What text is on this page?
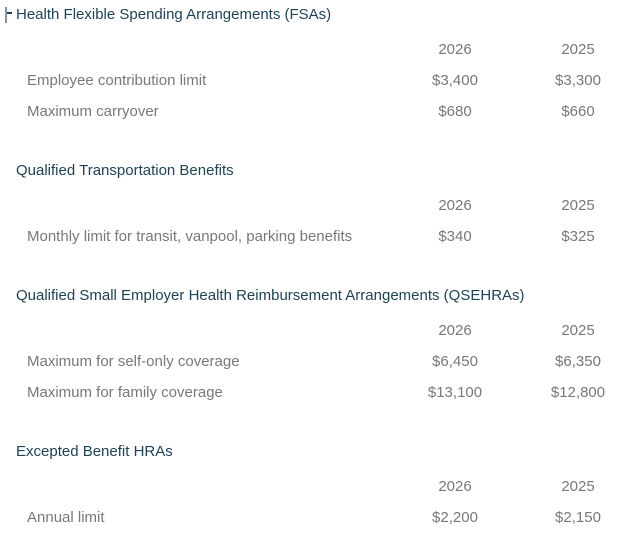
Health Flexible Spending Arrangements (FSAs)
2026	2025
Employee contribution limit	$3,400	$3,300
Maximum carryover	$680	$660
Qualified Transportation Benefits
2026	2025
Monthly limit for transit, vanpool, parking benefits	$340	$325
Qualified Small Employer Health Reimbursement Arrangements (QSEHRAs)
2026	2025
Maximum for self-only coverage	$6,450	$6,350
Maximum for family coverage	$13,100	$12,800
Excepted Benefit HRAs
2026	2025
Annual limit	$2,200	$2,150
